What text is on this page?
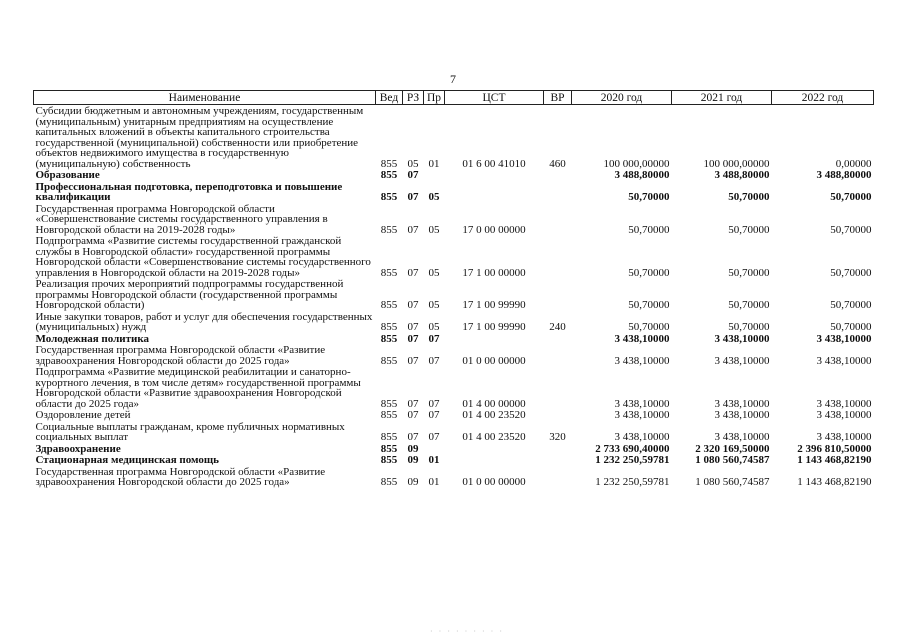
7
Наименование	Вед	РЗ	Пр	ЦСТ	ВР	2020 год	2021 год	2022 год
Субсидии бюджетным и автономным учреждениям, государственным (муниципальным) унитарным предприятиям на осуществление капитальных вложений в объекты капитального строительства государственной (муниципальной) собственности или приобретение объектов недвижимого имущества в государственную (муниципальную) собственность	855	05	01	01 6 00 41010	460	100 000,00000	100 000,00000	0,00000
Образование	855	07				3 488,80000	3 488,80000	3 488,80000
Профессиональная подготовка, переподготовка и повышение квалификации	855	07	05			50,70000	50,70000	50,70000
Государственная программа Новгородской области «Совершенствование системы государственного управления в Новгородской области на 2019-2028 годы»	855	07	05	17 0 00 00000		50,70000	50,70000	50,70000
Подпрограмма «Развитие системы государственной гражданской службы в Новгородской области» государственной программы Новгородской области «Совершенствование системы государственного управления в Новгородской области на 2019-2028 годы»	855	07	05	17 1 00 00000		50,70000	50,70000	50,70000
Реализация прочих мероприятий подпрограммы государственной программы Новгородской области (государственной программы Новгородской области)	855	07	05	17 1 00 99990		50,70000	50,70000	50,70000
Иные закупки товаров, работ и услуг для обеспечения государственных (муниципальных) нужд	855	07	05	17 1 00 99990	240	50,70000	50,70000	50,70000
Молодежная политика	855	07	07			3 438,10000	3 438,10000	3 438,10000
Государственная программа Новгородской области «Развитие здравоохранения Новгородской области до 2025 года»	855	07	07	01 0 00 00000		3 438,10000	3 438,10000	3 438,10000
Подпрограмма «Развитие медицинской реабилитации и санаторно-курортного лечения, в том числе детям» государственной программы Новгородской области «Развитие здравоохранения Новгородской области до 2025 года»	855	07	07	01 4 00 00000		3 438,10000	3 438,10000	3 438,10000
Оздоровление детей	855	07	07	01 4 00 23520		3 438,10000	3 438,10000	3 438,10000
Социальные выплаты гражданам, кроме публичных нормативных социальных выплат	855	07	07	01 4 00 23520	320	3 438,10000	3 438,10000	3 438,10000
Здравоохранение	855	09				2 733 690,40000	2 320 169,50000	2 396 810,50000
Стационарная медицинская помощь	855	09	01			1 232 250,59781	1 080 560,74587	1 143 468,82190
Государственная программа Новгородской области «Развитие здравоохранения Новгородской области до 2025 года»	855	09	01	01 0 00 00000		1 232 250,59781	1 080 560,74587	1 143 468,82190
· · · · · · · · ·
